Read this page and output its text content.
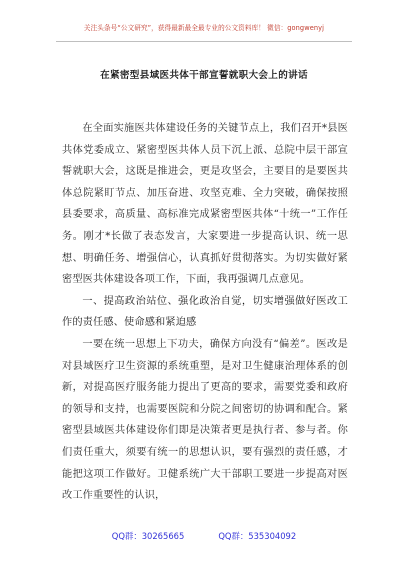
关注头条号“公文研究”，获得最新最全最专业的公文资料库！ 微信：gongwenyj
在紧密型县域医共体干部宣誓就职大会上的讲话

在全面实施医共体建设任务的关键节点上，我们召开*县医共体党委成立、紧密型医共体人员下沉上派、总院中层干部宣誓就职大会，这既是推进会，更是攻坚会，主要目的是要医共体总院紧盯节点、加压奋进、攻坚克难、全力突破，确保按照县委要求，高质量、高标准完成紧密型医共体“十统一”工作任务。刚才*长做了表态发言，大家要进一步提高认识、统一思想、明确任务、增强信心，认真抓好贯彻落实。为切实做好紧密型医共体建设各项工作，下面，我再强调几点意见。

一、提高政治站位、强化政治自觉，切实增强做好医改工作的责任感、使命感和紧迫感

一要在统一思想上下功夫，确保方向没有“偏差”。医改是对县域医疗卫生资源的系统重塑，是对卫生健康治理体系的创新，对提高医疗服务能力提出了更高的要求，需要党委和政府的领导和支持，也需要医院和分院之间密切的协调和配合。紧密型县域医共体建设你们即是决策者更是执行者、参与者。你们责任重大，须要有统一的思想认识，要有强烈的责任感，才能把这项工作做好。卫健系统广大干部职工要进一步提高对医改工作重要性的认识，

QQ群：30265665	QQ群：535304092
